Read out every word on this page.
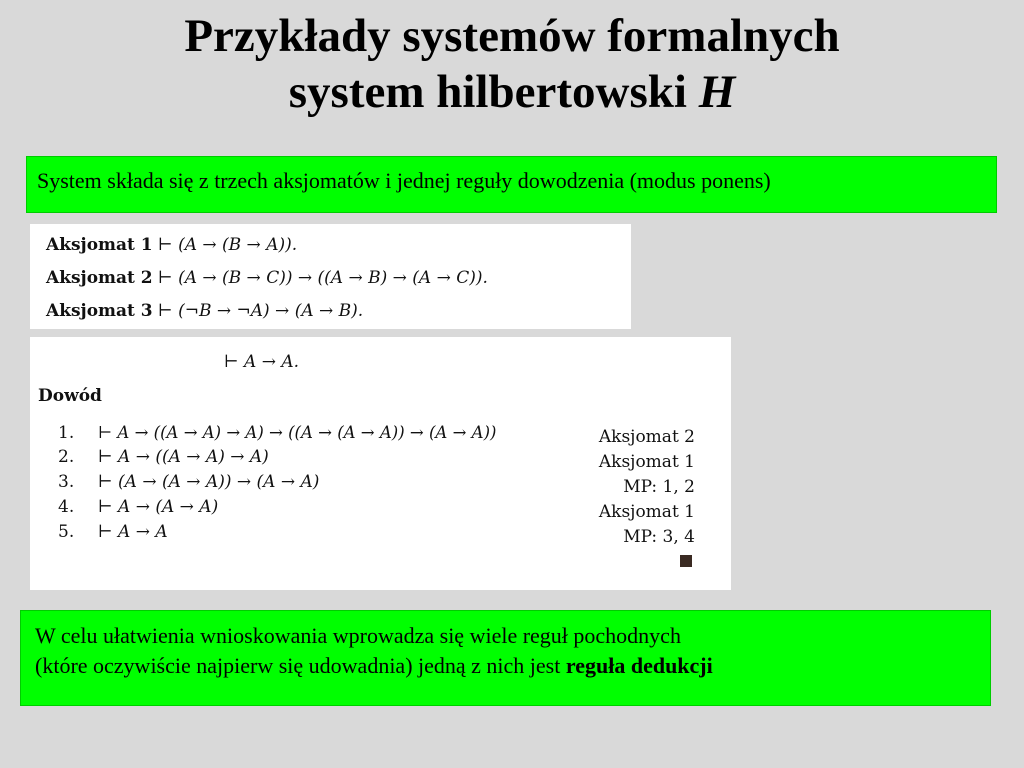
Przykłady systemów formalnych
system hilbertowski H
System składa się z trzech aksjomatów i jednej reguły dowodzenia (modus ponens)
Aksjomat 1 ⊢ (A → (B → A)).
Aksjomat 2 ⊢ (A → (B → C)) → ((A → B) → (A → C)).
Aksjomat 3 ⊢ (¬B → ¬A) → (A → B).
⊢ A → A.
Dowód
1. ⊢ A → ((A → A) → A) → ((A → (A → A)) → (A → A))	Aksjomat 2
2. ⊢ A → ((A → A) → A)	Aksjomat 1
3. ⊢ (A → (A → A)) → (A → A)	MP: 1, 2
4. ⊢ A → (A → A)	Aksjomat 1
5. ⊢ A → A	MP: 3, 4
W celu ułatwienia wnioskowania wprowadza się wiele reguł pochodnych
(które oczywiście najpierw się udowadnia) jedną z nich jest reguła dedukcji
